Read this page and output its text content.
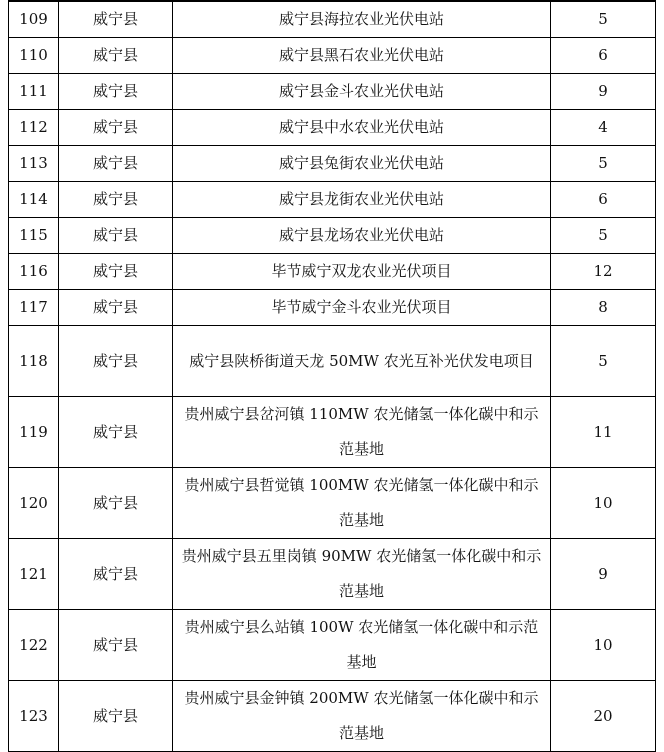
109	威宁县	威宁县海拉农业光伏电站	5
110	威宁县	威宁县黑石农业光伏电站	6
111	威宁县	威宁县金斗农业光伏电站	9
112	威宁县	威宁县中水农业光伏电站	4
113	威宁县	威宁县兔街农业光伏电站	5
114	威宁县	威宁县龙街农业光伏电站	6
115	威宁县	威宁县龙场农业光伏电站	5
116	威宁县	毕节威宁双龙农业光伏项目	12
117	威宁县	毕节威宁金斗农业光伏项目	8
118	威宁县	威宁县陕桥街道天龙 50MW 农光互补光伏发电项目	5
119	威宁县	贵州威宁县岔河镇 110MW 农光储氢一体化碳中和示范基地	11
120	威宁县	贵州威宁县哲觉镇 100MW 农光储氢一体化碳中和示范基地	10
121	威宁县	贵州威宁县五里岗镇 90MW 农光储氢一体化碳中和示范基地	9
122	威宁县	贵州威宁县么站镇 100W 农光储氢一体化碳中和示范基地	10
123	威宁县	贵州威宁县金钟镇 200MW 农光储氢一体化碳中和示范基地	20
